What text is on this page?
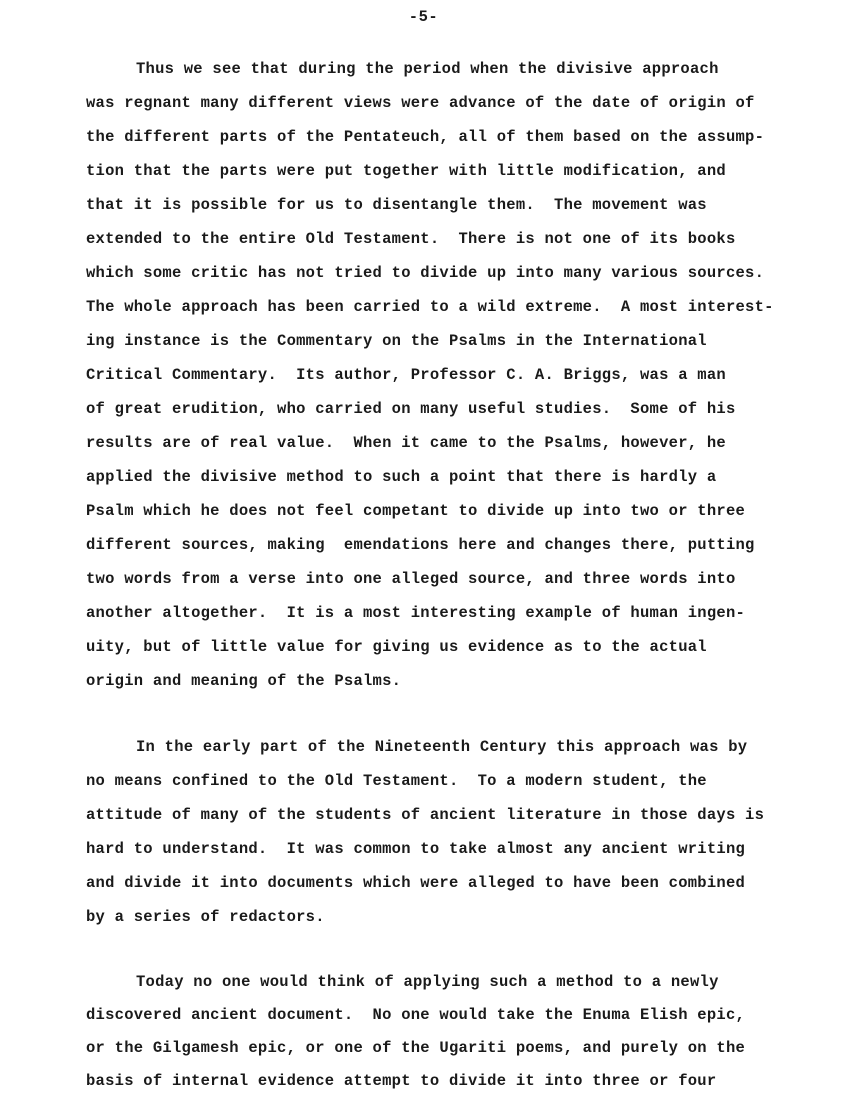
-5-
Thus we see that during the period when the divisive approach
was regnant many different views were advance of the date of origin of
the different parts of the Pentateuch, all of them based on the assump-
tion that the parts were put together with little modification, and
that it is possible for us to disentangle them.  The movement was
extended to the entire Old Testament.  There is not one of its books
which some critic has not tried to divide up into many various sources.
The whole approach has been carried to a wild extreme.  A most interest-
ing instance is the Commentary on the Psalms in the International
Critical Commentary.  Its author, Professor C. A. Briggs, was a man
of great erudition, who carried on many useful studies.  Some of his
results are of real value.  When it came to the Psalms, however, he
applied the divisive method to such a point that there is hardly a
Psalm which he does not feel competant to divide up into two or three
different sources, making  emendations here and changes there, putting
two words from a verse into one alleged source, and three words into
another altogether.  It is a most interesting example of human ingen-
uity, but of little value for giving us evidence as to the actual
origin and meaning of the Psalms.
In the early part of the Nineteenth Century this approach was by
no means confined to the Old Testament.  To a modern student, the
attitude of many of the students of ancient literature in those days is
hard to understand.  It was common to take almost any ancient writing
and divide it into documents which were alleged to have been combined
by a series of redactors.
Today no one would think of applying such a method to a newly
discovered ancient document.  No one would take the Enuma Elish epic,
or the Gilgamesh epic, or one of the Ugariti poems, and purely on the
basis of internal evidence attempt to divide it into three or four
